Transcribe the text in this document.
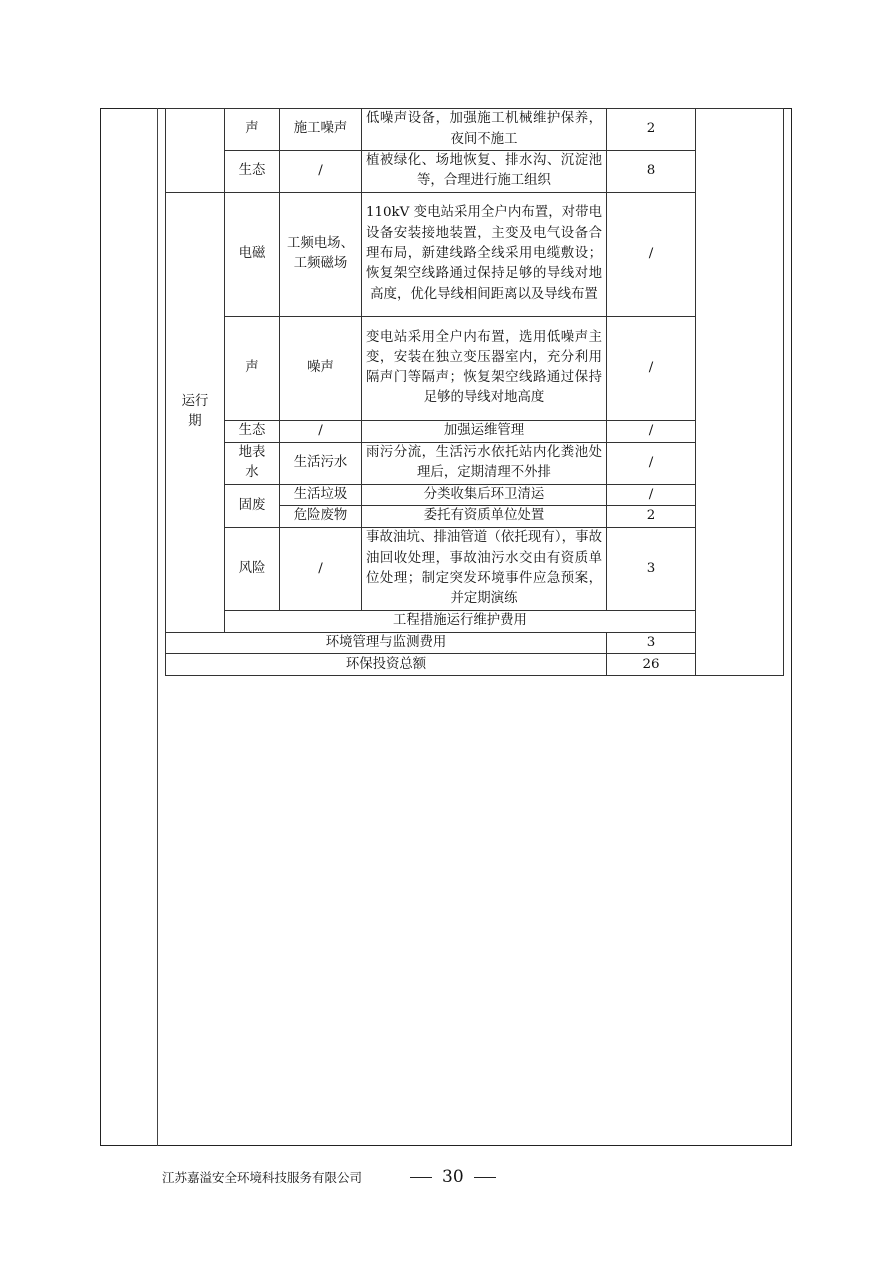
	声	施工噪声	低噪声设备，加强施工机械维护保养，夜间不施工	2		
	生态	/	植被绿化、场地恢复、排水沟、沉淀池等，合理进行施工组织	8		
运行期	电磁	工频电场、工频磁场	110kV 变电站采用全户内布置，对带电设备安装接地装置，主变及电气设备合理布局，新建线路全线采用电缆敷设；恢复架空线路通过保持足够的导线对地高度，优化导线相间距离以及导线布置	/		
	声	噪声	变电站采用全户内布置，选用低噪声主变，安装在独立变压器室内，充分利用隔声门等隔声；恢复架空线路通过保持足够的导线对地高度	/		
	生态	/	加强运维管理	/		
	地表水	生活污水	雨污分流，生活污水依托站内化粪池处理后，定期清理不外排	/		
	固废	生活垃圾	分类收集后环卫清运	/		
		危险废物	委托有资质单位处置	2		
	风险	/	事故油坑、排油管道（依托现有），事故油回收处理，事故油污水交由有资质单位处理；制定突发环境事件应急预案，并定期演练	3		
	工程措施运行维护费用	
环境管理与监测费用				3		
环保投资总额				26		
江苏嘉溢安全环境科技服务有限公司	30
